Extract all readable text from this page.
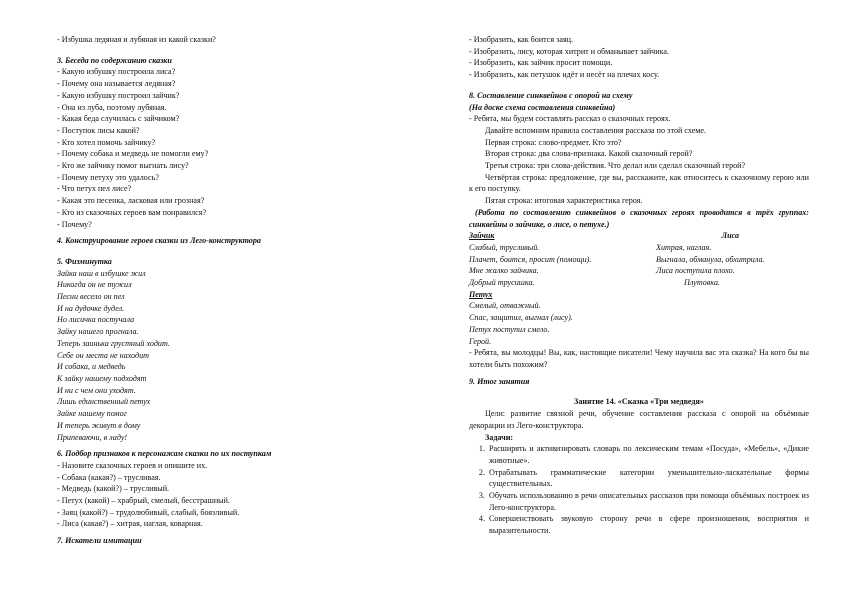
- Избушка ледяная и лубяная из какой сказки?
3. Беседа по содержанию сказки
- Какую избушку построила лиса?
- Почему она называется ледяная?
- Какую избушку построил зайчик?
- Она из луба, поэтому лубяная.
- Какая беда случилась с зайчиком?
- Поступок лисы какой?
- Кто хотел помочь зайчику?
- Почему собака и медведь не помогли ему?
- Кто же зайчику помог выгнать лису?
- Почему петуху это удалось?
- Что петух пел лисе?
- Какая это песенка, ласковая или грозная?
- Кто из сказочных героев вам понравился?
- Почему?
4. Конструирование героев сказки из Лего-конструктора
5. Физминутка
Зайка наш в избушке жил
Никогда он не тужил
Песни весело он пел
И на дудочке дудел.
Но лисичка постучала
Зайку нашего прогнала.
Теперь заинька грустный ходит.
Себе он места не находит
И собака, и медведь
К зайку нашему подходят
И ни с чем они уходят.
Лишь единственный петух
Зайке нашему помог
И теперь живут в дому
Припеваючи, в ладу!
6. Подбор признаков к персонажам сказки по их поступкам
- Назовите сказочных героев и опишите их.
- Собака (какая?) – трусливая.
- Медведь (какой?) – трусливый.
- Петух (какой) – храбрый, смелый, бесстрашный.
- Заяц (какой?) – трудолюбивый, слабый, боязливый.
- Лиса (какая?) – хитрая, наглая, коварная.
7. Искатели имитации
- Изобразить, как боится заяц.
- Изобразить, лису, которая хитрит и обманывает зайчика.
- Изобразить, как зайчик просит помощи.
- Изобразить, как петушок идёт и несёт на плечах косу.
8. Составление синквейнов с опорой на схему
(На доске схема составления синквейна)
- Ребята, мы будем составлять рассказ о сказочных героях.
Давайте вспомним правила составления рассказа по этой схеме.
Первая строка: слово-предмет. Кто это?
Вторая строка: два слова-признака. Какой сказочный герой?
Третья строка: три слова-действия. Что делал или сделал сказочный герой?
Четвёртая строка: предложение, где вы, расскажите, как относитесь к сказочному герою или к его поступку.
Пятая строка: итоговая характеристика героя.
(Работа по составлению синквейнов о сказочных героях проводится в трёх группах: синквейны о зайчике, о лисе, о петухе.)
Зайчик	Лиса
Слабый, трусливый.	Хитрая, наглая.
Плачет, боится, просит (помощи).	Выгнала, обманула, обхитрила.
Мне жалко зайчика.	Лиса поступила плохо.
Добрый трусишка.	Плутовка.
Петух
Смелый, отважный.
Спас, защитил, выгнал (лису).
Петух поступил смело.
Герой.
- Ребята, вы молодцы! Вы, как, настоящие писатели! Чему научила вас эта сказка? На кого бы вы хотели быть похожим?
9. Итог занятия
Занятие 14. «Сказка «Три медведя»
Цели: развитие связной речи, обучение составления рассказа с опорой на объёмные декорации из Лего-конструктора.
Задачи:
1. Расширять и активизировать словарь по лексическим темам «Посуда», «Мебель», «Дикие животные».
2. Отрабатывать грамматические категории уменьшительно-ласкательные формы существительных.
3. Обучать использованию в речи описательных рассказов при помощи объёмных построек из Лего-конструктора.
4. Совершенствовать звуковую сторону речи в сфере произношения, восприятия и выразительности.
